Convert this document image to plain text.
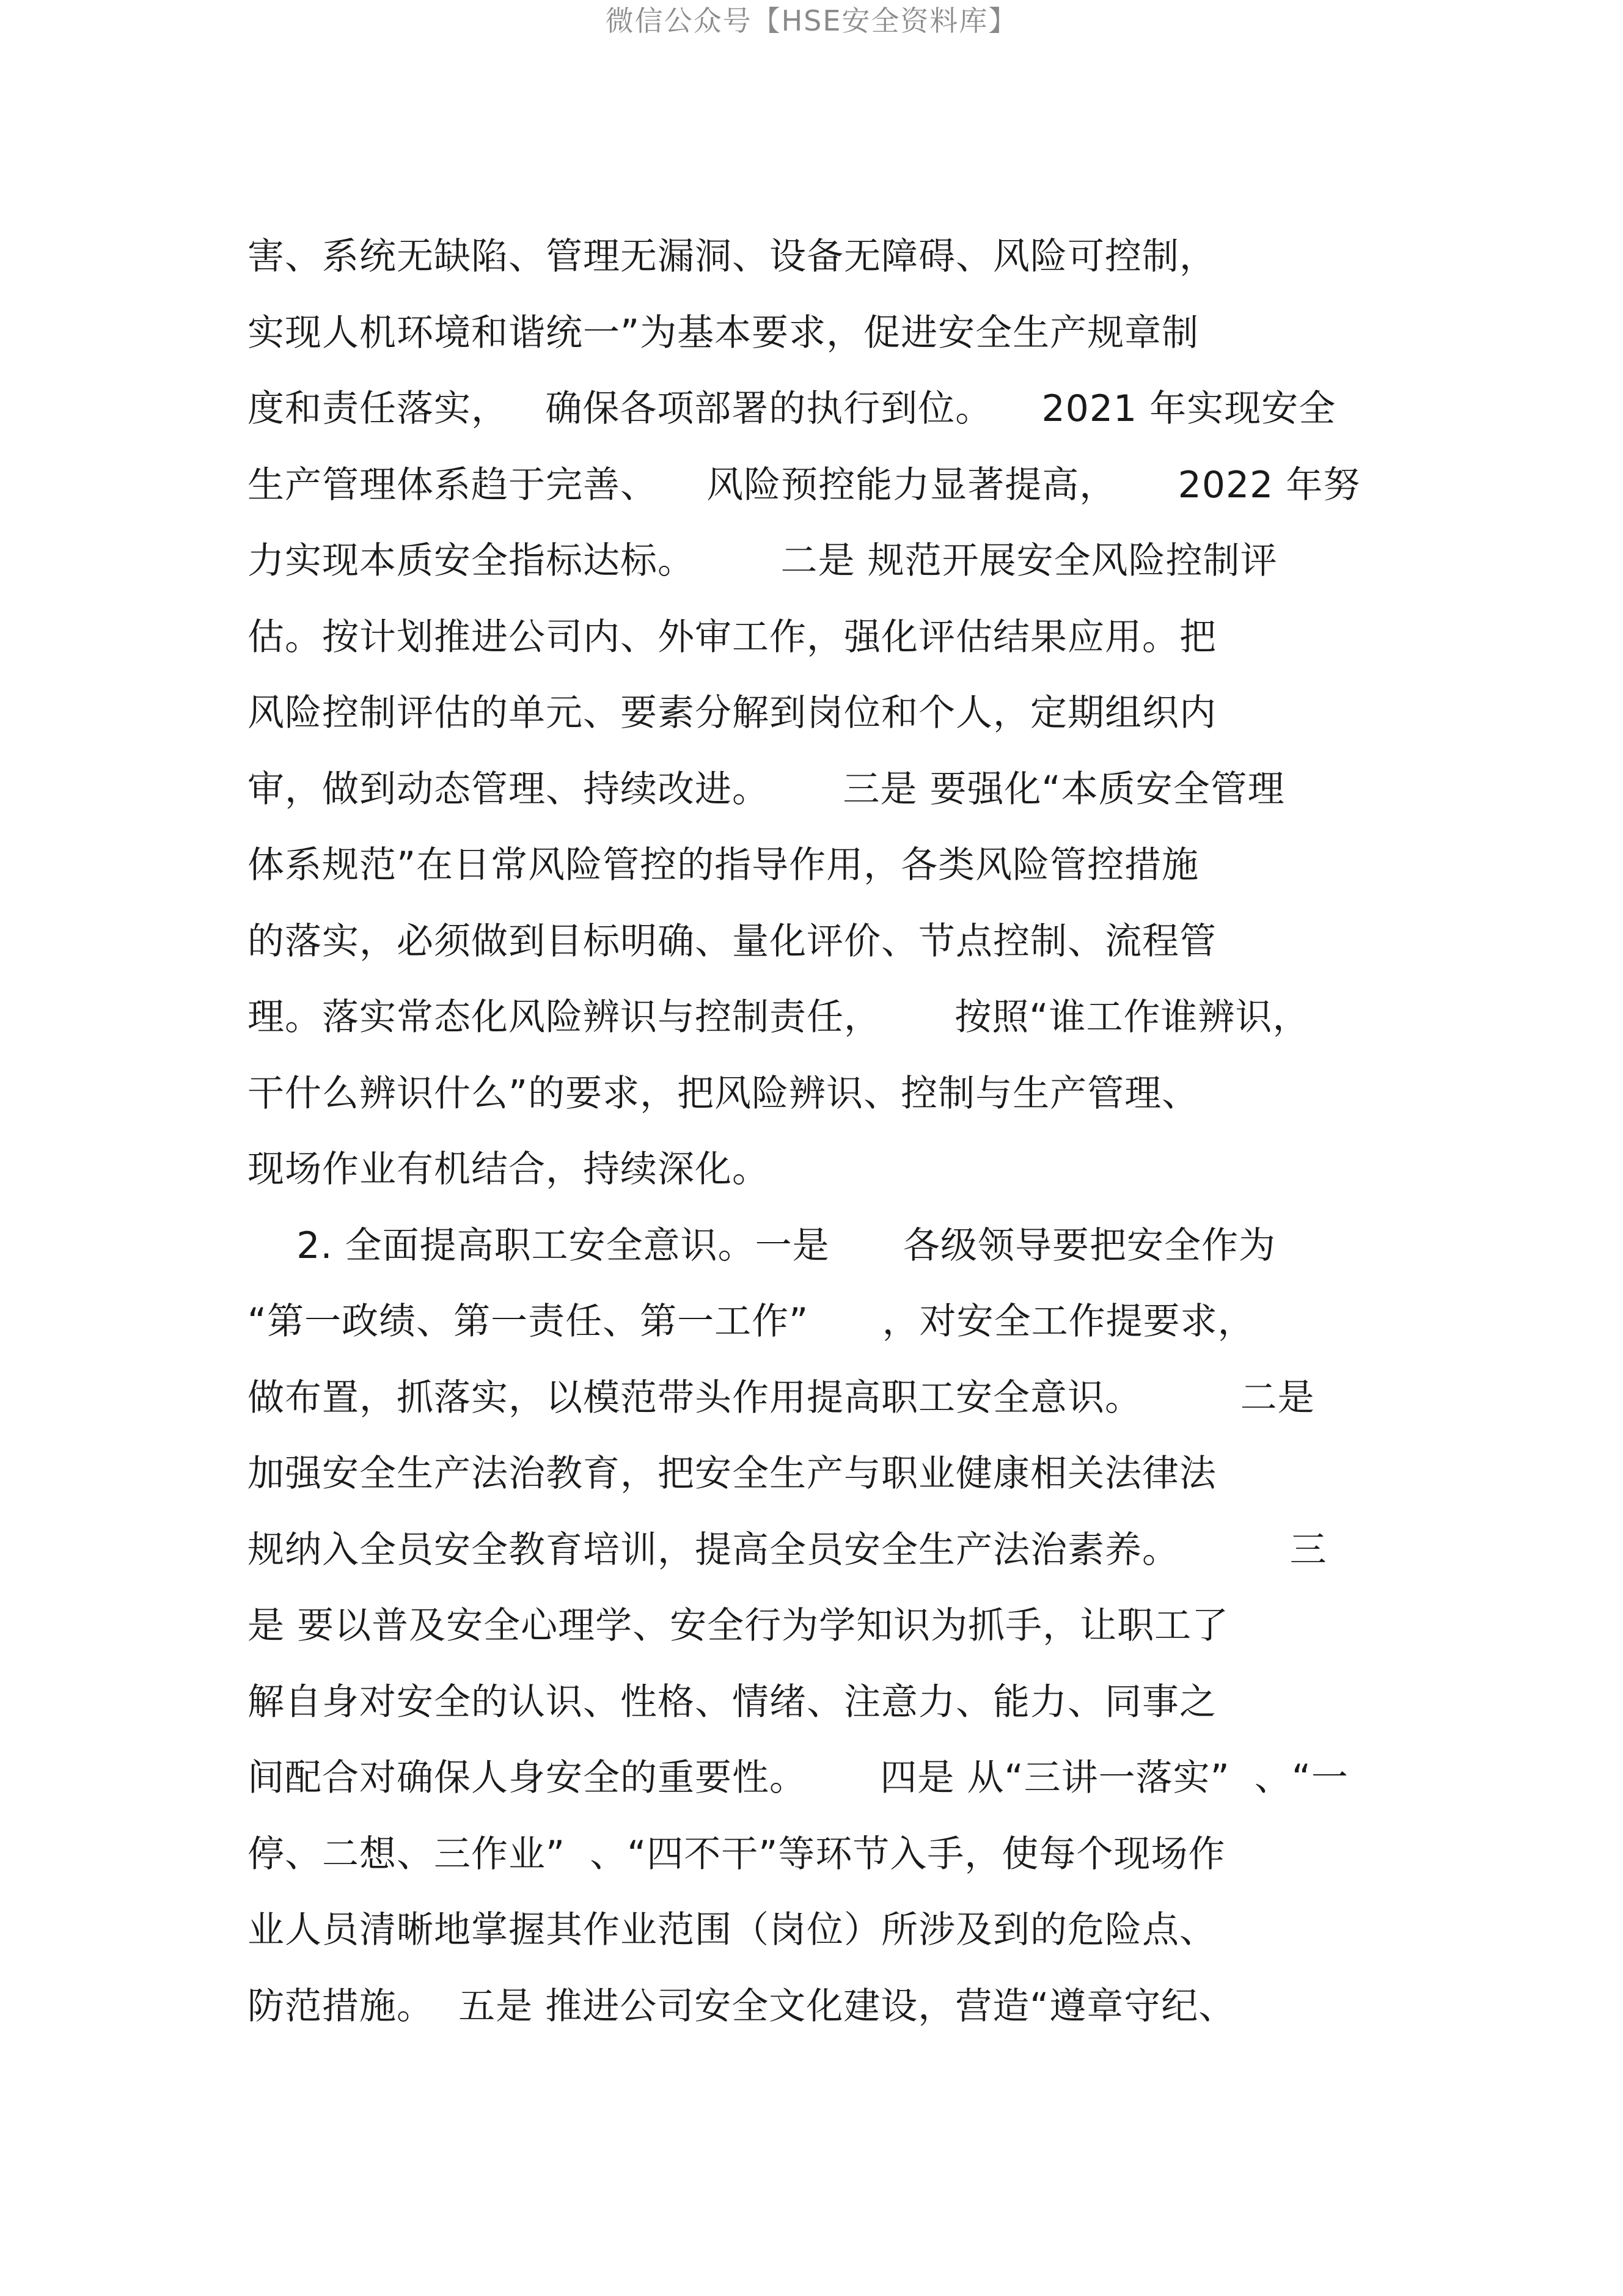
微信公众号【HSE安全资料库】
害、系统无缺陷、管理无漏洞、设备无障碍、风险可控制，
实现人机环境和谐统一”为基本要求，促进安全生产规章制
度和责任落实，   确保各项部署的执行到位。    2021 年实现安全
生产管理体系趋于完善、    风险预控能力显著提高，     2022 年努
力实现本质安全指标达标。       二是 规范开展安全风险控制评
估。按计划推进公司内、外审工作，强化评估结果应用。把
风险控制评估的单元、要素分解到岗位和个人，定期组织内
审，做到动态管理、持续改进。      三是 要强化“本质安全管理
体系规范”在日常风险管控的指导作用，各类风险管控措施
的落实，必须做到目标明确、量化评价、节点控制、流程管
理。落实常态化风险辨识与控制责任，      按照“谁工作谁辨识，
干什么辨识什么”的要求，把风险辨识、控制与生产管理、
现场作业有机结合，持续深化。
2. 全面提高职工安全意识。一是      各级领导要把安全作为
“第一政绩、第一责任、第一工作”      ，对安全工作提要求，
做布置，抓落实，以模范带头作用提高职工安全意识。        二是
加强安全生产法治教育，把安全生产与职业健康相关法律法
规纳入全员安全教育培训，提高全员安全生产法治素养。         三
是 要以普及安全心理学、安全行为学知识为抓手，让职工了
解自身对安全的认识、性格、情绪、注意力、能力、同事之
间配合对确保人身安全的重要性。      四是 从“三讲一落实”  、“一
停、二想、三作业”  、“四不干”等环节入手，使每个现场作
业人员清晰地掌握其作业范围（岗位）所涉及到的危险点、
防范措施。  五是 推进公司安全文化建设，营造“遵章守纪、
